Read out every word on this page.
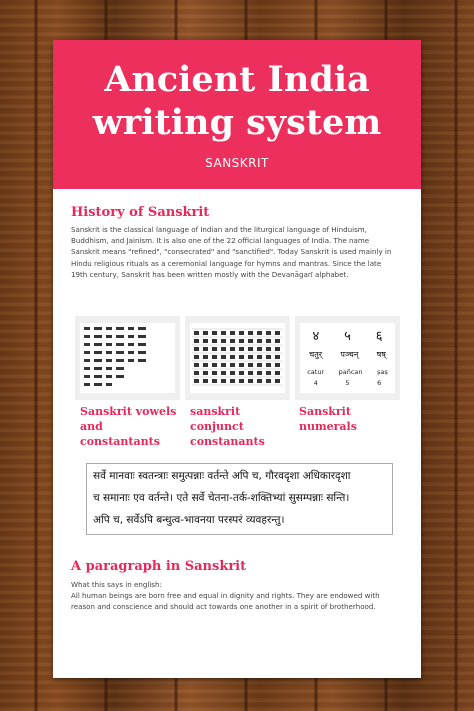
Ancient India
writing system
SANSKRIT
History of Sanskrit
Sanskrit is the classical language of Indian and the liturgical language of Hinduism,
Buddhism, and Jainism. It is also one of the 22 official languages of India. The name
Sanskrit means "refined", "consecrated" and "sanctified". Today Sanskrit is used mainly in
Hindu religious rituals as a ceremonial language for hymns and mantras. Since the late
19th century, Sanskrit has been written mostly with the Devanāgarī alphabet.
४ ५ ६
चतुर् पञ्चन् षष्
catur pañcan ṣaṣ
4	5	6
Sanskrit vowels
and
constantants
sanskrit
conjunct
constanants
Sanskrit
numerals
सर्वे मानवाः स्वतन्त्राः समुत्पन्नाः वर्तन्ते अपि च, गौरवदृशा अधिकारदृशा
च समानाः एव वर्तन्ते। एते सर्वे चेतना-तर्क-शक्तिभ्यां सुसम्पन्नाः सन्ति।
अपि च, सर्वेऽपि बन्धुत्व-भावनया परस्परं व्यवहरन्तु।
A paragraph in Sanskrit
What this says in english:
All human beings are born free and equal in dignity and rights. They are endowed with
reason and conscience and should act towards one another in a spirit of brotherhood.
